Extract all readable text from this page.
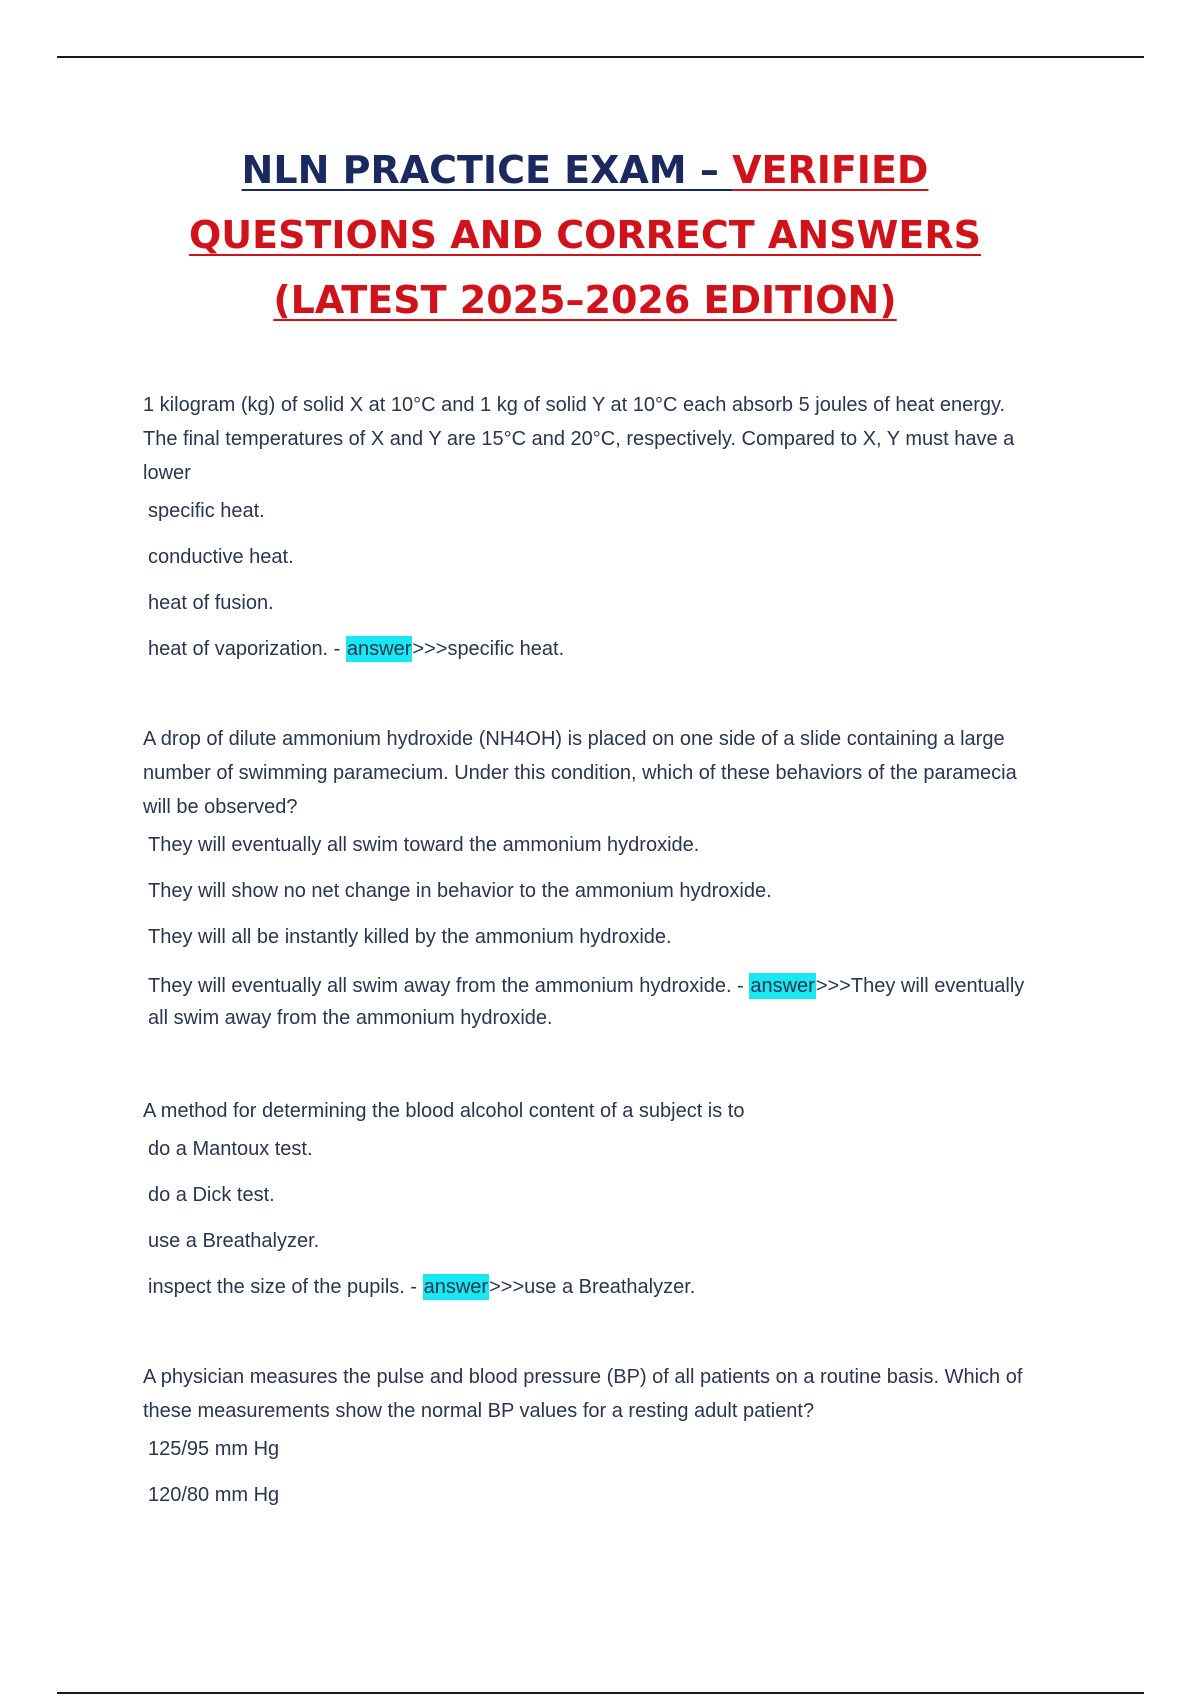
NLN PRACTICE EXAM – VERIFIED
QUESTIONS AND CORRECT ANSWERS
(LATEST 2025–2026 EDITION)
1 kilogram (kg) of solid X at 10°C and 1 kg of solid Y at 10°C each absorb 5 joules of heat energy. The final temperatures of X and Y are 15°C and 20°C, respectively. Compared to X, Y must have a lower
specific heat.
conductive heat.
heat of fusion.
heat of vaporization. - answer>>>specific heat.
A drop of dilute ammonium hydroxide (NH4OH) is placed on one side of a slide containing a large number of swimming paramecium. Under this condition, which of these behaviors of the paramecia will be observed?
They will eventually all swim toward the ammonium hydroxide.
They will show no net change in behavior to the ammonium hydroxide.
They will all be instantly killed by the ammonium hydroxide.
They will eventually all swim away from the ammonium hydroxide. - answer>>>They will eventually all swim away from the ammonium hydroxide.
A method for determining the blood alcohol content of a subject is to
do a Mantoux test.
do a Dick test.
use a Breathalyzer.
inspect the size of the pupils. - answer>>>use a Breathalyzer.
A physician measures the pulse and blood pressure (BP) of all patients on a routine basis. Which of these measurements show the normal BP values for a resting adult patient?
125/95 mm Hg
120/80 mm Hg
